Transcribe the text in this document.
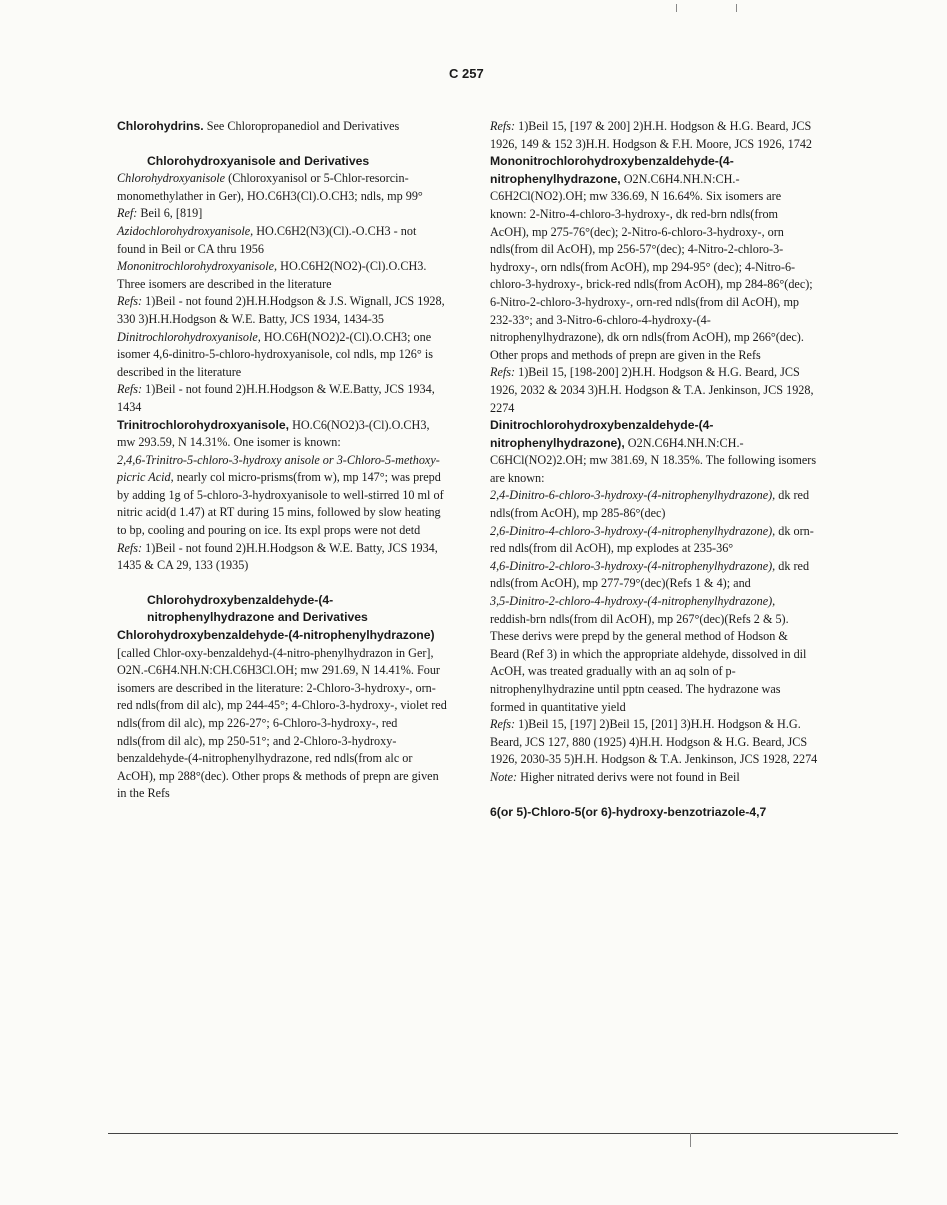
C 257

Chlorohydrins. See Chloropropanediol and Derivatives

Chlorohydroxyanisole and Derivatives

Chlorohydroxyanisole (Chloroxyanisol or 5-Chlor-resorcin-monomethylather in Ger), HO.C6H3(Cl).O.CH3; ndls, mp 99°

Ref: Beil 6, [819]

Azidochlorohydroxyanisole, HO.C6H2(N3)(Cl).-O.CH3 - not found in Beil or CA thru 1956

Mononitrochlorohydroxyanisole, HO.C6H2(NO2)-(Cl).O.CH3. Three isomers are described in the literature

Refs: 1)Beil - not found 2)H.H.Hodgson & J.S. Wignall, JCS 1928, 330 3)H.H.Hodgson & W.E. Batty, JCS 1934, 1434-35

Dinitrochlorohydroxyanisole, HO.C6H(NO2)2-(Cl).O.CH3; one isomer 4,6-dinitro-5-chloro-hydroxyanisole, col ndls, mp 126° is described in the literature

Refs: 1)Beil - not found 2)H.H.Hodgson & W.E.Batty, JCS 1934, 1434

Trinitrochlorohydroxyanisole, HO.C6(NO2)3-(Cl).O.CH3, mw 293.59, N 14.31%. One isomer is known:

2,4,6-Trinitro-5-chloro-3-hydroxy anisole or 3-Chloro-5-methoxy-picric Acid, nearly col micro-prisms(from w), mp 147°; was prepd by adding 1g of 5-chloro-3-hydroxyanisole to well-stirred 10 ml of nitric acid(d 1.47) at RT during 15 mins, followed by slow heating to bp, cooling and pouring on ice. Its expl props were not detd

Refs: 1)Beil - not found 2)H.H.Hodgson & W.E. Batty, JCS 1934, 1435 & CA 29, 133 (1935)

Chlorohydroxybenzaldehyde-(4-nitrophenylhydrazone and Derivatives

Chlorohydroxybenzaldehyde-(4-nitrophenylhydrazone) [called Chlor-oxy-benzaldehyd-(4-nitro-phenylhydrazon in Ger], O2N.-C6H4.NH.N:CH.C6H3Cl.OH; mw 291.69, N 14.41%. Four isomers are described in the literature: 2-Chloro-3-hydroxy-, orn-red ndls(from dil alc), mp 244-45°; 4-Chloro-3-hydroxy-, violet red ndls(from dil alc), mp 226-27°; 6-Chloro-3-hydroxy-, red ndls(from dil alc), mp 250-51°; and 2-Chloro-3-hydroxy-benzaldehyde-(4-nitrophenylhydrazone, red ndls(from alc or AcOH), mp 288°(dec). Other props & methods of prepn are given in the Refs

Refs: 1)Beil 15, [197 & 200] 2)H.H. Hodgson & H.G. Beard, JCS 1926, 149 & 152 3)H.H. Hodgson & F.H. Moore, JCS 1926, 1742

Mononitrochlorohydroxybenzaldehyde-(4-nitrophenylhydrazone, O2N.C6H4.NH.N:CH.-C6H2Cl(NO2).OH; mw 336.69, N 16.64%. Six isomers are known: 2-Nitro-4-chloro-3-hydroxy-, dk red-brn ndls(from AcOH), mp 275-76°(dec); 2-Nitro-6-chloro-3-hydroxy-, orn ndls(from dil AcOH), mp 256-57°(dec); 4-Nitro-2-chloro-3-hydroxy-, orn ndls(from AcOH), mp 294-95° (dec); 4-Nitro-6-chloro-3-hydroxy-, brick-red ndls(from AcOH), mp 284-86°(dec); 6-Nitro-2-chloro-3-hydroxy-, orn-red ndls(from dil AcOH), mp 232-33°; and 3-Nitro-6-chloro-4-hydroxy-(4-nitrophenylhydrazone), dk orn ndls(from AcOH), mp 266°(dec). Other props and methods of prepn are given in the Refs

Refs: 1)Beil 15, [198-200] 2)H.H. Hodgson & H.G. Beard, JCS 1926, 2032 & 2034 3)H.H. Hodgson & T.A. Jenkinson, JCS 1928, 2274

Dinitrochlorohydroxybenzaldehyde-(4-nitrophenylhydrazone), O2N.C6H4.NH.N:CH.-C6HCl(NO2)2.OH; mw 381.69, N 18.35%. The following isomers are known:

2,4-Dinitro-6-chloro-3-hydroxy-(4-nitrophenylhydrazone), dk red ndls(from AcOH), mp 285-86°(dec)

2,6-Dinitro-4-chloro-3-hydroxy-(4-nitrophenylhydrazone), dk orn-red ndls(from dil AcOH), mp explodes at 235-36°

4,6-Dinitro-2-chloro-3-hydroxy-(4-nitrophenylhydrazone), dk red ndls(from AcOH), mp 277-79°(dec)(Refs 1 & 4); and

3,5-Dinitro-2-chloro-4-hydroxy-(4-nitrophenylhydrazone), reddish-brn ndls(from dil AcOH), mp 267°(dec)(Refs 2 & 5). These derivs were prepd by the general method of Hodson & Beard (Ref 3) in which the appropriate aldehyde, dissolved in dil AcOH, was treated gradually with an aq soln of p-nitrophenylhydrazine until pptn ceased. The hydrazone was formed in quantitative yield

Refs: 1)Beil 15, [197] 2)Beil 15, [201] 3)H.H. Hodgson & H.G. Beard, JCS 127, 880 (1925) 4)H.H. Hodgson & H.G. Beard, JCS 1926, 2030-35 5)H.H. Hodgson & T.A. Jenkinson, JCS 1928, 2274

Note: Higher nitrated derivs were not found in Beil

6(or 5)-Chloro-5(or 6)-hydroxy-benzotriazole-4,7
